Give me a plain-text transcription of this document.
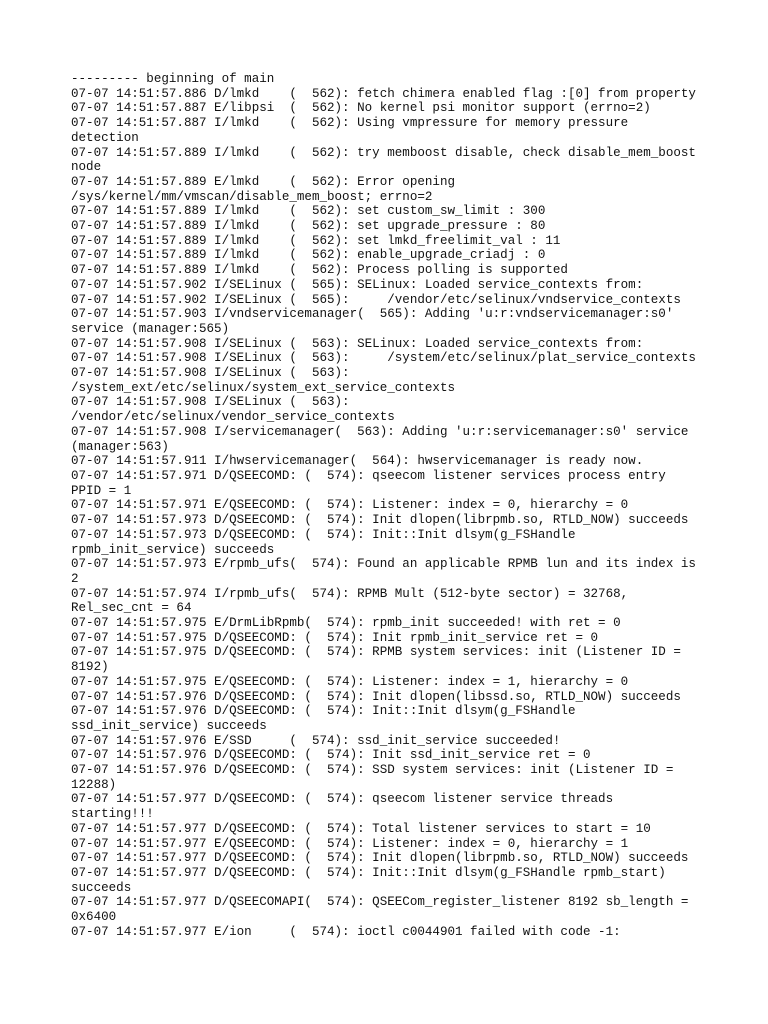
--------- beginning of main
07-07 14:51:57.886 D/lmkd    (  562): fetch chimera enabled flag :[0] from property
07-07 14:51:57.887 E/libpsi  (  562): No kernel psi monitor support (errno=2)
07-07 14:51:57.887 I/lmkd    (  562): Using vmpressure for memory pressure
detection
07-07 14:51:57.889 I/lmkd    (  562): try memboost disable, check disable_mem_boost
node
07-07 14:51:57.889 E/lmkd    (  562): Error opening
/sys/kernel/mm/vmscan/disable_mem_boost; errno=2
07-07 14:51:57.889 I/lmkd    (  562): set custom_sw_limit : 300
07-07 14:51:57.889 I/lmkd    (  562): set upgrade_pressure : 80
07-07 14:51:57.889 I/lmkd    (  562): set lmkd_freelimit_val : 11
07-07 14:51:57.889 I/lmkd    (  562): enable_upgrade_criadj : 0
07-07 14:51:57.889 I/lmkd    (  562): Process polling is supported
07-07 14:51:57.902 I/SELinux (  565): SELinux: Loaded service_contexts from:
07-07 14:51:57.902 I/SELinux (  565):     /vendor/etc/selinux/vndservice_contexts
07-07 14:51:57.903 I/vndservicemanager(  565): Adding 'u:r:vndservicemanager:s0'
service (manager:565)
07-07 14:51:57.908 I/SELinux (  563): SELinux: Loaded service_contexts from:
07-07 14:51:57.908 I/SELinux (  563):     /system/etc/selinux/plat_service_contexts
07-07 14:51:57.908 I/SELinux (  563):
/system_ext/etc/selinux/system_ext_service_contexts
07-07 14:51:57.908 I/SELinux (  563):
/vendor/etc/selinux/vendor_service_contexts
07-07 14:51:57.908 I/servicemanager(  563): Adding 'u:r:servicemanager:s0' service
(manager:563)
07-07 14:51:57.911 I/hwservicemanager(  564): hwservicemanager is ready now.
07-07 14:51:57.971 D/QSEECOMD: (  574): qseecom listener services process entry
PPID = 1
07-07 14:51:57.971 E/QSEECOMD: (  574): Listener: index = 0, hierarchy = 0
07-07 14:51:57.973 D/QSEECOMD: (  574): Init dlopen(librpmb.so, RTLD_NOW) succeeds
07-07 14:51:57.973 D/QSEECOMD: (  574): Init::Init dlsym(g_FSHandle
rpmb_init_service) succeeds
07-07 14:51:57.973 E/rpmb_ufs(  574): Found an applicable RPMB lun and its index is
2
07-07 14:51:57.974 I/rpmb_ufs(  574): RPMB Mult (512-byte sector) = 32768,
Rel_sec_cnt = 64
07-07 14:51:57.975 E/DrmLibRpmb(  574): rpmb_init succeeded! with ret = 0
07-07 14:51:57.975 D/QSEECOMD: (  574): Init rpmb_init_service ret = 0
07-07 14:51:57.975 D/QSEECOMD: (  574): RPMB system services: init (Listener ID =
8192)
07-07 14:51:57.975 E/QSEECOMD: (  574): Listener: index = 1, hierarchy = 0
07-07 14:51:57.976 D/QSEECOMD: (  574): Init dlopen(libssd.so, RTLD_NOW) succeeds
07-07 14:51:57.976 D/QSEECOMD: (  574): Init::Init dlsym(g_FSHandle
ssd_init_service) succeeds
07-07 14:51:57.976 E/SSD     (  574): ssd_init_service succeeded!
07-07 14:51:57.976 D/QSEECOMD: (  574): Init ssd_init_service ret = 0
07-07 14:51:57.976 D/QSEECOMD: (  574): SSD system services: init (Listener ID =
12288)
07-07 14:51:57.977 D/QSEECOMD: (  574): qseecom listener service threads
starting!!!
07-07 14:51:57.977 D/QSEECOMD: (  574): Total listener services to start = 10
07-07 14:51:57.977 E/QSEECOMD: (  574): Listener: index = 0, hierarchy = 1
07-07 14:51:57.977 D/QSEECOMD: (  574): Init dlopen(librpmb.so, RTLD_NOW) succeeds
07-07 14:51:57.977 D/QSEECOMD: (  574): Init::Init dlsym(g_FSHandle rpmb_start)
succeeds
07-07 14:51:57.977 D/QSEECOMAPI(  574): QSEECom_register_listener 8192 sb_length =
0x6400
07-07 14:51:57.977 E/ion     (  574): ioctl c0044901 failed with code -1:
